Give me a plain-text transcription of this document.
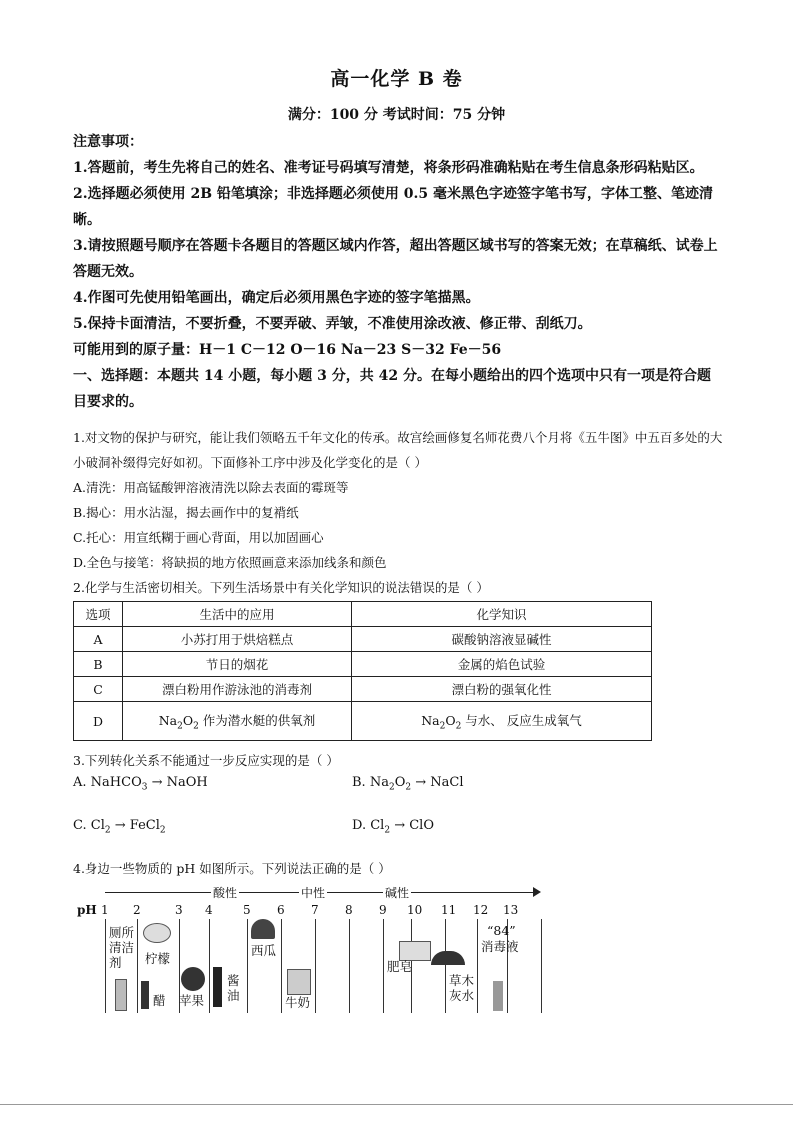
高一化学 B 卷
满分：100 分 考试时间：75 分钟

注意事项：

1.答题前，考生先将自己的姓名、准考证号码填写清楚，将条形码准确粘贴在考生信息条形码粘贴区。

2.选择题必须使用 2B 铅笔填涂；非选择题必须使用 0.5 毫米黑色字迹签字笔书写，字体工整、笔迹清晰。

3.请按照题号顺序在答题卡各题目的答题区域内作答，超出答题区域书写的答案无效；在草稿纸、试卷上答题无效。

4.作图可先使用铅笔画出，确定后必须用黑色字迹的签字笔描黑。

5.保持卡面清洁，不要折叠，不要弄破、弄皱，不准使用涂改液、修正带、刮纸刀。

可能用到的原子量：H－1 C－12 O－16 Na－23 S－32 Fe－56

一、选择题：本题共 14 小题，每小题 3 分，共 42 分。在每小题给出的四个选项中只有一项是符合题目要求的。

1.对文物的保护与研究，能让我们领略五千年文化的传承。故宫绘画修复名师花费八个月将《五牛图》中五百多处的大小破洞补缀得完好如初。下面修补工序中涉及化学变化的是（ ）

A.清洗：用高锰酸钾溶液清洗以除去表面的霉斑等

B.揭心：用水沾湿，揭去画作中的复褙纸

C.托心：用宣纸糊于画心背面，用以加固画心

D.全色与接笔：将缺损的地方依照画意来添加线条和颜色

2.化学与生活密切相关。下列生活场景中有关化学知识的说法错误的是（ ）

选项	生活中的应用	化学知识
A	小苏打用于烘焙糕点	碳酸钠溶液显碱性
B	节日的烟花	金属的焰色试验
C	漂白粉用作游泳池的消毒剂	漂白粉的强氧化性
D	$Na_2O_2$ 作为潜水艇的供氧剂	$Na_2O_2$ 与水、 反应生成氧气

3.下列转化关系不能通过一步反应实现的是（ ）

A. NaHCO$_3$ → NaOH	B. $Na_2O_2$ → NaCl
C. $Cl_2$ → FeCl$_2$	D. $Cl_2$ → ClO

4.身边一些物质的 pH 如图所示。下列说法正确的是（ ）

酸性	中性	碱性
pH 1 2	3 4	5 6 7 8 9 10 11 12 13
厕所清洁剂	柠檬
醋 苹果
酱油
西瓜
牛奶
肥皂
草木灰水
“84”
消毒液
